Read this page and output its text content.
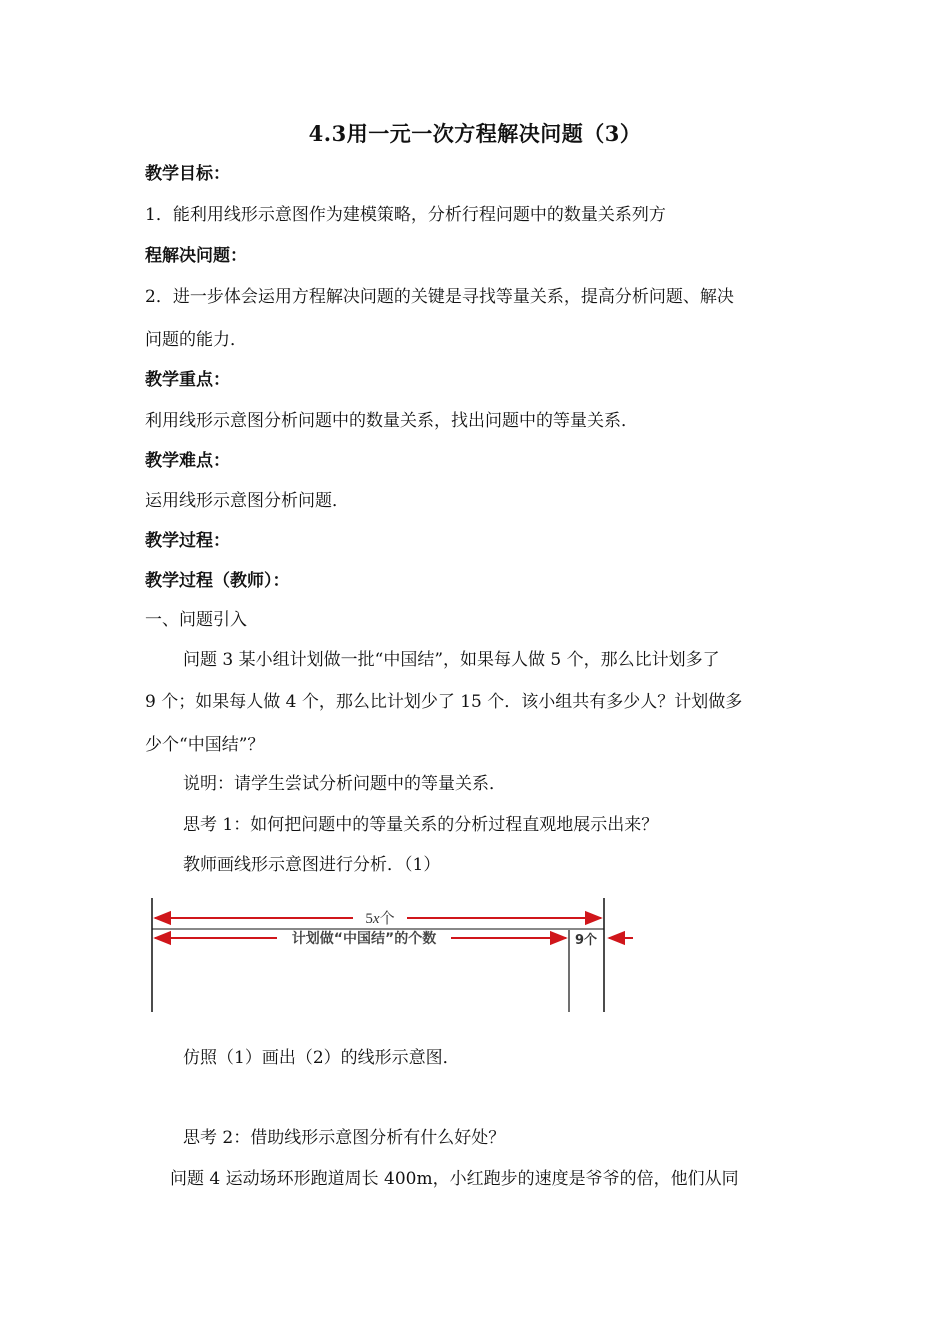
4.3用一元一次方程解决问题（3）
教学目标：
1．能利用线形示意图作为建模策略，分析行程问题中的数量关系列方
程解决问题：
2．进一步体会运用方程解决问题的关键是寻找等量关系，提高分析问题、解决
问题的能力．
教学重点：
利用线形示意图分析问题中的数量关系，找出问题中的等量关系．
教学难点：
运用线形示意图分析问题．
教学过程：
教学过程（教师）：
一、问题引入
问题 3 某小组计划做一批“中国结”，如果每人做 5 个，那么比计划多了
9 个；如果每人做 4 个，那么比计划少了 15 个．该小组共有多少人？计划做多
少个“中国结”？
说明：请学生尝试分析问题中的等量关系．
思考 1：如何把问题中的等量关系的分析过程直观地展示出来？
教师画线形示意图进行分析．（1）
5x个
计划做“中国结”的个数	9个
仿照（1）画出（2）的线形示意图．
思考 2：借助线形示意图分析有什么好处？
问题 4 运动场环形跑道周长 400m，小红跑步的速度是爷爷的倍，他们从同
